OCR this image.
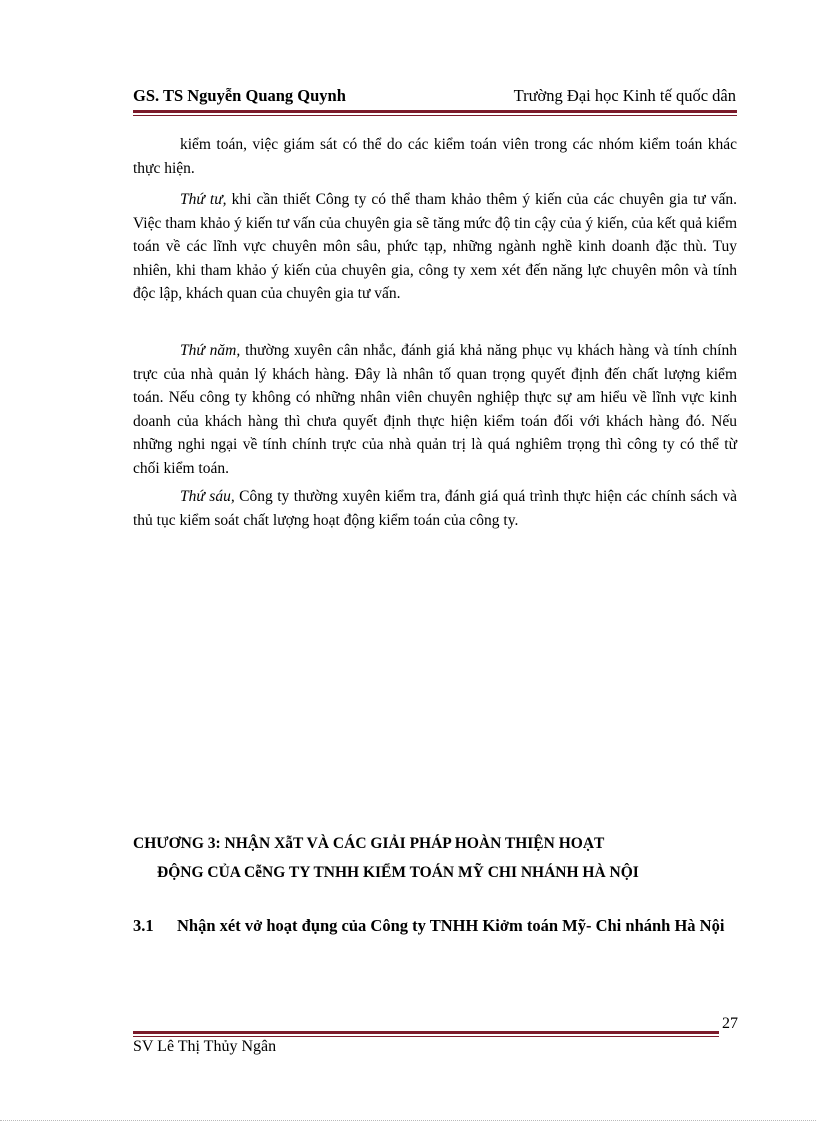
GS. TS Nguyễn Quang Quynh	Trường Đại học Kinh tế quốc dân

kiểm toán, việc giám sát có thể do các kiểm toán viên trong các nhóm kiểm toán khác thực hiện.

Thứ tư, khi cần thiết Công ty có thể tham khảo thêm ý kiến của các chuyên gia tư vấn. Việc tham khảo ý kiến tư vấn của chuyên gia sẽ tăng mức độ tin cậy của ý kiến, của kết quả kiểm toán về các lĩnh vực chuyên môn sâu, phức tạp, những ngành nghề kinh doanh đặc thù. Tuy nhiên, khi tham khảo ý kiến của chuyên gia, công ty xem xét đến năng lực chuyên môn và tính độc lập, khách quan của chuyên gia tư vấn.

Thứ năm, thường xuyên cân nhắc, đánh giá khả năng phục vụ khách hàng và tính chính trực của nhà quản lý khách hàng. Đây là nhân tố quan trọng quyết định đến chất lượng kiểm toán. Nếu công ty không có những nhân viên chuyên nghiệp thực sự am hiểu về lĩnh vực kinh doanh của khách hàng thì chưa quyết định thực hiện kiểm toán đối với khách hàng đó. Nếu những nghi ngại về tính chính trực của nhà quản trị là quá nghiêm trọng thì công ty có thể từ chối kiểm toán.

Thứ sáu, Công ty thường xuyên kiểm tra, đánh giá quá trình thực hiện các chính sách và thủ tục kiểm soát chất lượng hoạt động kiểm toán của công ty.

CHƯƠNG 3: NHẬN XẫT VÀ CÁC GIẢI PHÁP HOÀN THIỆN HOẠT
ĐỘNG CỦA CễNG TY TNHH KIỂM TOÁN MỸ CHI NHÁNH HÀ NỘI

3.1 Nhận xét vở hoạt đụng của Công ty TNHH Kiởm toán Mỹ- Chi nhánh Hà Nội

27
SV Lê Thị Thủy Ngân
